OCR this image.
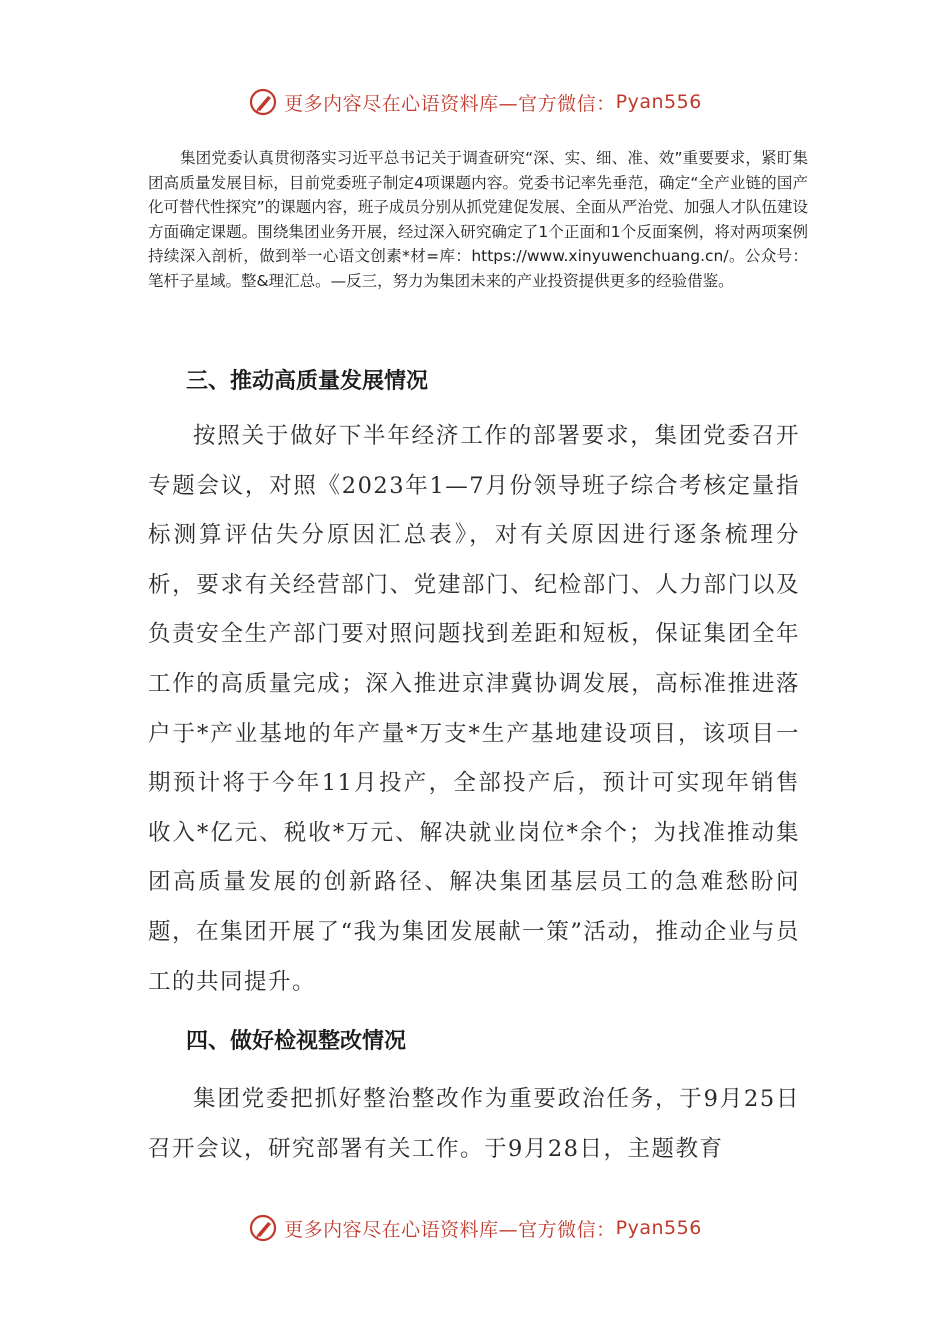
更多内容尽在心语资料库—官方微信： Pyan556

集团党委认真贯彻落实习近平总书记关于调查研究“深、实、细、准、效”重要要求，紧盯集团高质量发展目标，目前党委班子制定4项课题内容。党委书记率先垂范，确定“全产业链的国产化可替代性探究”的课题内容，班子成员分别从抓党建促发展、全面从严治党、加强人才队伍建设方面确定课题。围绕集团业务开展，经过深入研究确定了1个正面和1个反面案例，将对两项案例持续深入剖析，做到举一心语文创素*材=库：https://www.xinyuwenchuang.cn/。公众号：笔杆子星域。整&理汇总。—反三，努力为集团未来的产业投资提供更多的经验借鉴。

三、推动高质量发展情况

按照关于做好下半年经济工作的部署要求，集团党委召开专题会议，对照《2023年1—7月份领导班子综合考核定量指标测算评估失分原因汇总表》，对有关原因进行逐条梳理分析，要求有关经营部门、党建部门、纪检部门、人力部门以及负责安全生产部门要对照问题找到差距和短板，保证集团全年工作的高质量完成；深入推进京津冀协调发展，高标准推进落户于*产业基地的年产量*万支*生产基地建设项目，该项目一期预计将于今年11月投产，全部投产后，预计可实现年销售收入*亿元、税收*万元、解决就业岗位*余个；为找准推动集团高质量发展的创新路径、解决集团基层员工的急难愁盼问题，在集团开展了“我为集团发展献一策”活动，推动企业与员工的共同提升。

四、做好检视整改情况

集团党委把抓好整治整改作为重要政治任务，于9月25日召开会议，研究部署有关工作。于9月28日，主题教育

更多内容尽在心语资料库—官方微信： Pyan556
